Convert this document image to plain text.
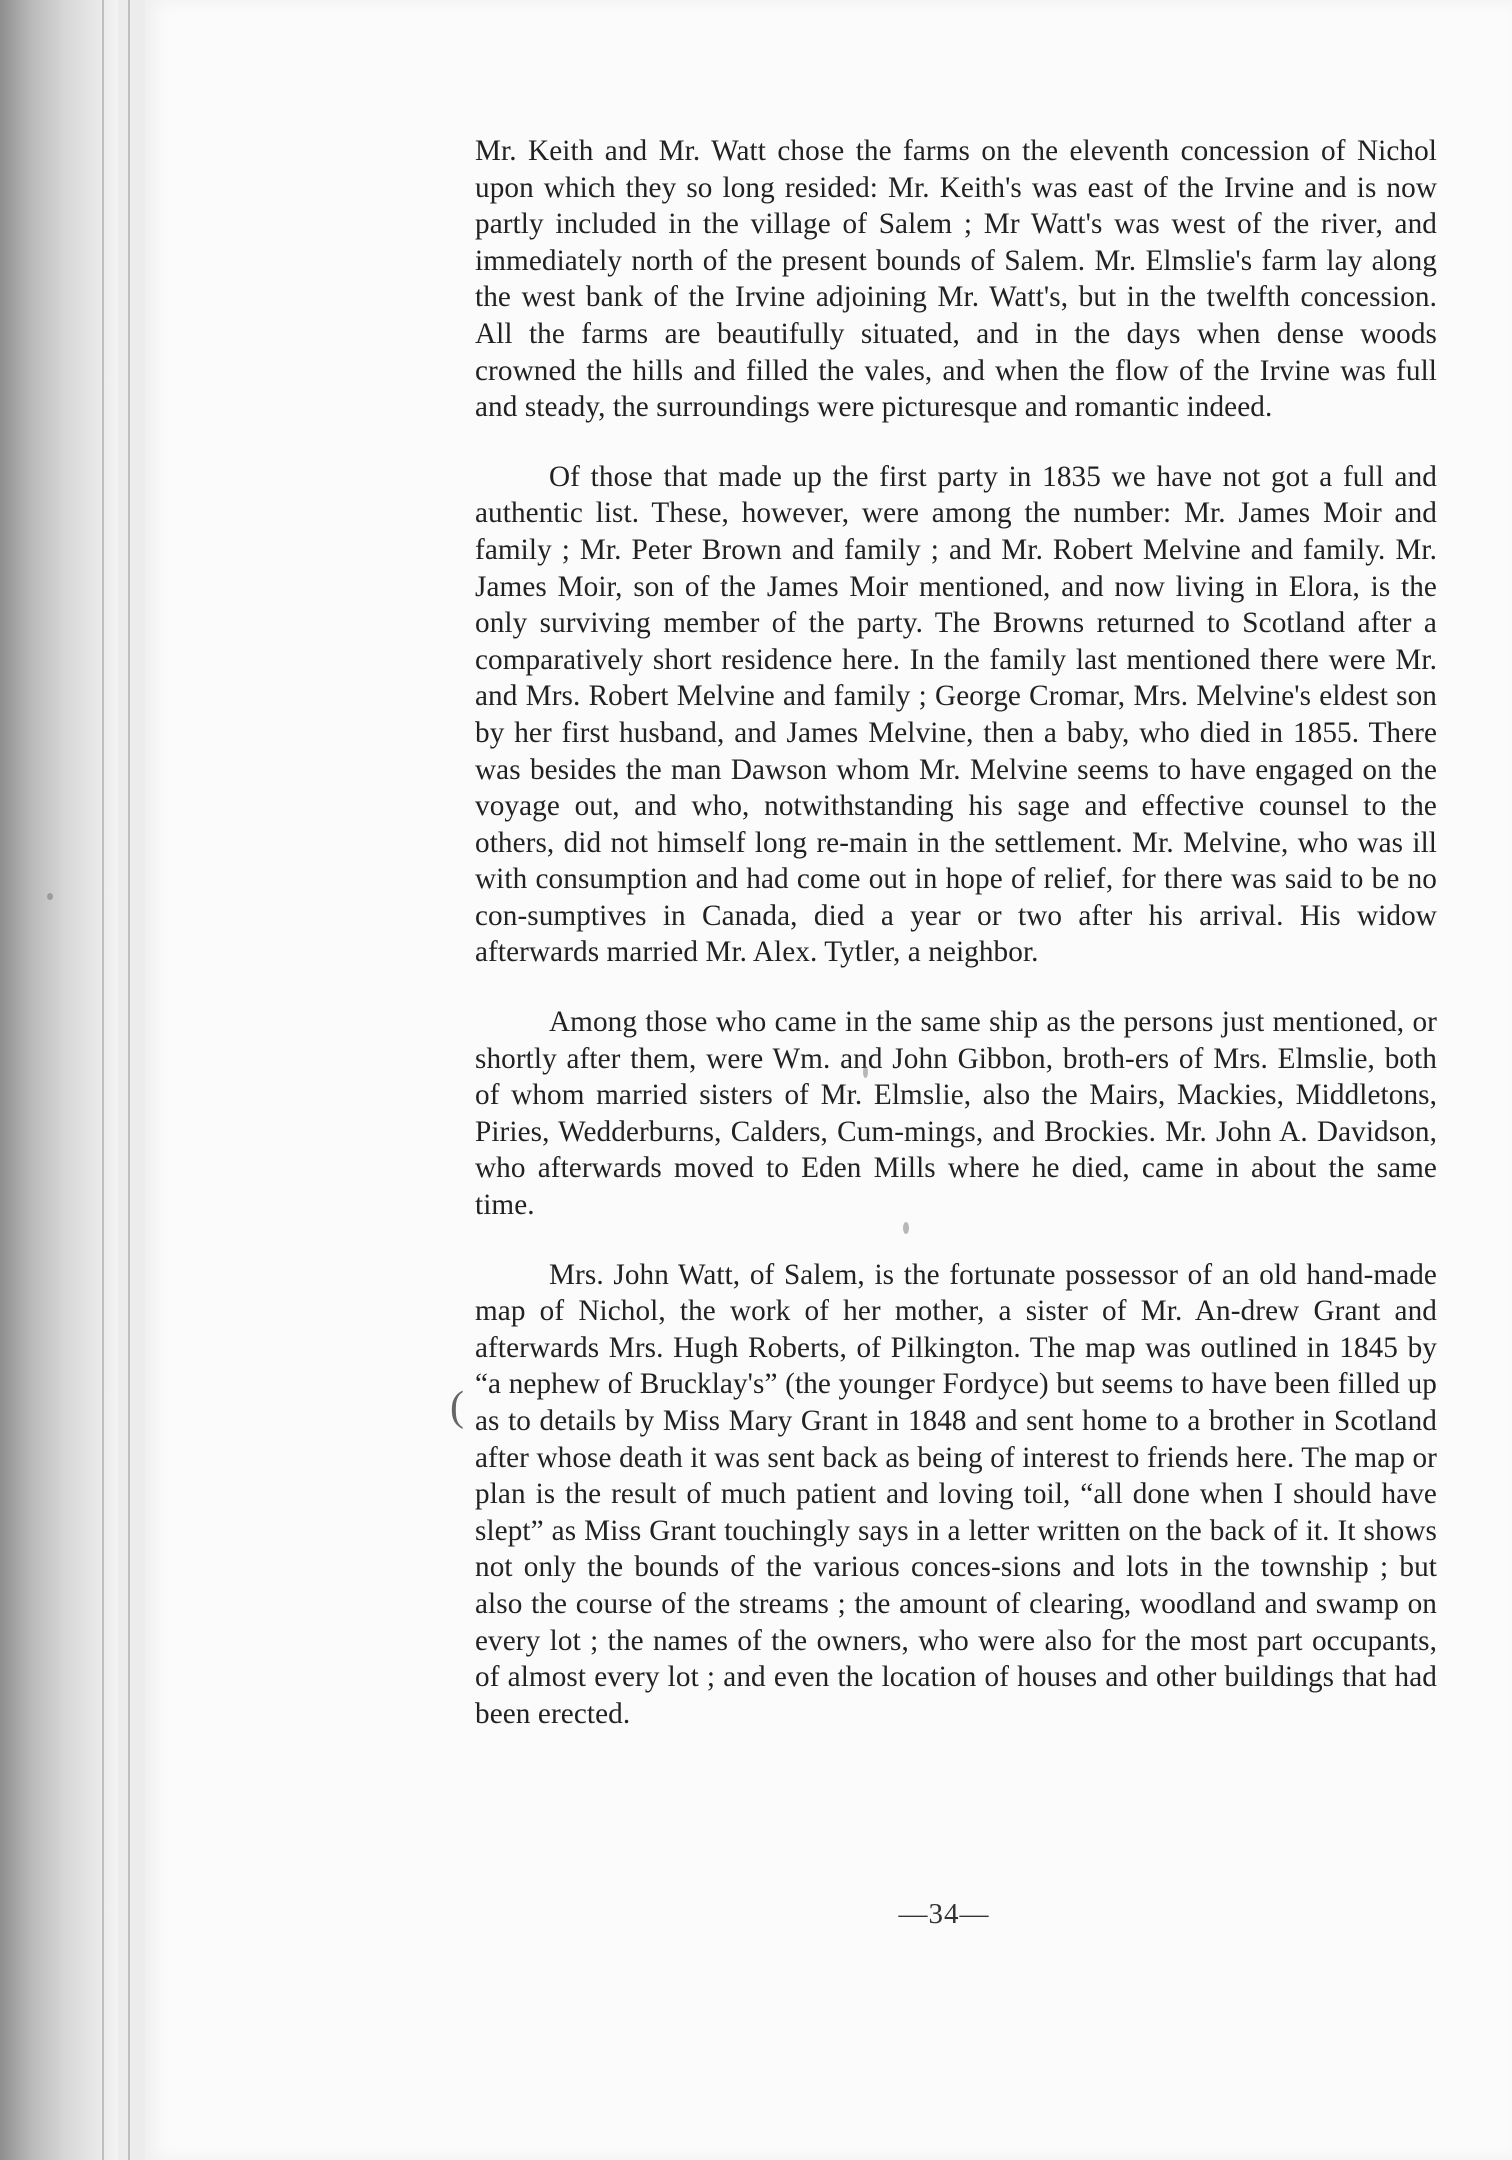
Mr. Keith and Mr. Watt chose the farms on the eleventh concession of Nichol upon which they so long resided: Mr. Keith's was east of the Irvine and is now partly included in the village of Salem ; Mr Watt's was west of the river, and immediately north of the present bounds of Salem. Mr. Elmslie's farm lay along the west bank of the Irvine adjoining Mr. Watt's, but in the twelfth concession. All the farms are beautifully situated, and in the days when dense woods crowned the hills and filled the vales, and when the flow of the Irvine was full and steady, the surroundings were picturesque and romantic indeed.

Of those that made up the first party in 1835 we have not got a full and authentic list. These, however, were among the number: Mr. James Moir and family ; Mr. Peter Brown and family ; and Mr. Robert Melvine and family. Mr. James Moir, son of the James Moir mentioned, and now living in Elora, is the only surviving member of the party. The Browns returned to Scotland after a comparatively short residence here. In the family last mentioned there were Mr. and Mrs. Robert Melvine and family ; George Cromar, Mrs. Melvine's eldest son by her first husband, and James Melvine, then a baby, who died in 1855. There was besides the man Dawson whom Mr. Melvine seems to have engaged on the voyage out, and who, notwithstanding his sage and effective counsel to the others, did not himself long re-main in the settlement. Mr. Melvine, who was ill with consumption and had come out in hope of relief, for there was said to be no con-sumptives in Canada, died a year or two after his arrival. His widow afterwards married Mr. Alex. Tytler, a neighbor.

Among those who came in the same ship as the persons just mentioned, or shortly after them, were Wm. and John Gibbon, broth-ers of Mrs. Elmslie, both of whom married sisters of Mr. Elmslie, also the Mairs, Mackies, Middletons, Piries, Wedderburns, Calders, Cum-mings, and Brockies. Mr. John A. Davidson, who afterwards moved to Eden Mills where he died, came in about the same time.

Mrs. John Watt, of Salem, is the fortunate possessor of an old hand-made map of Nichol, the work of her mother, a sister of Mr. An-drew Grant and afterwards Mrs. Hugh Roberts, of Pilkington. The map was outlined in 1845 by “a nephew of Brucklay's” (the younger Fordyce) but seems to have been filled up as to details by Miss Mary Grant in 1848 and sent home to a brother in Scotland after whose death it was sent back as being of interest to friends here. The map or plan is the result of much patient and loving toil, “all done when I should have slept” as Miss Grant touchingly says in a letter written on the back of it. It shows not only the bounds of the various conces-sions and lots in the township ; but also the course of the streams ; the amount of clearing, woodland and swamp on every lot ; the names of the owners, who were also for the most part occupants, of almost every lot ; and even the location of houses and other buildings that had been erected.

(
—34—
